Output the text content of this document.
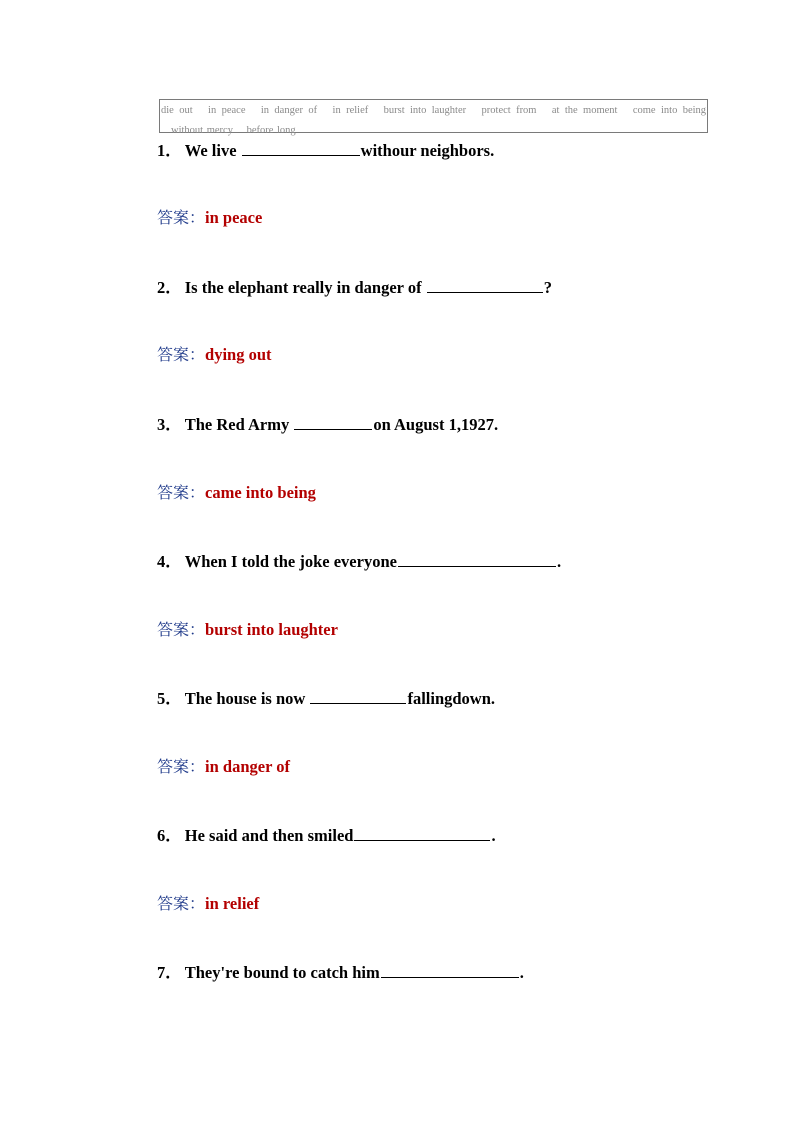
die out in peace in danger of in relief burst into laughter protect from at the moment come into being without mercy before long
1． We live	withour neighbors.
答案：in peace
2． Is the elephant really in danger of	?
答案：dying out
3． The Red Army	on August 1,1927.
答案：came into being
4． When I told the joke everyone	.
答案：burst into laughter
5． The house is now	fallingdown.
答案：in danger of
6． He said and then smiled	.
答案：in relief
7． They're bound to catch him	.
